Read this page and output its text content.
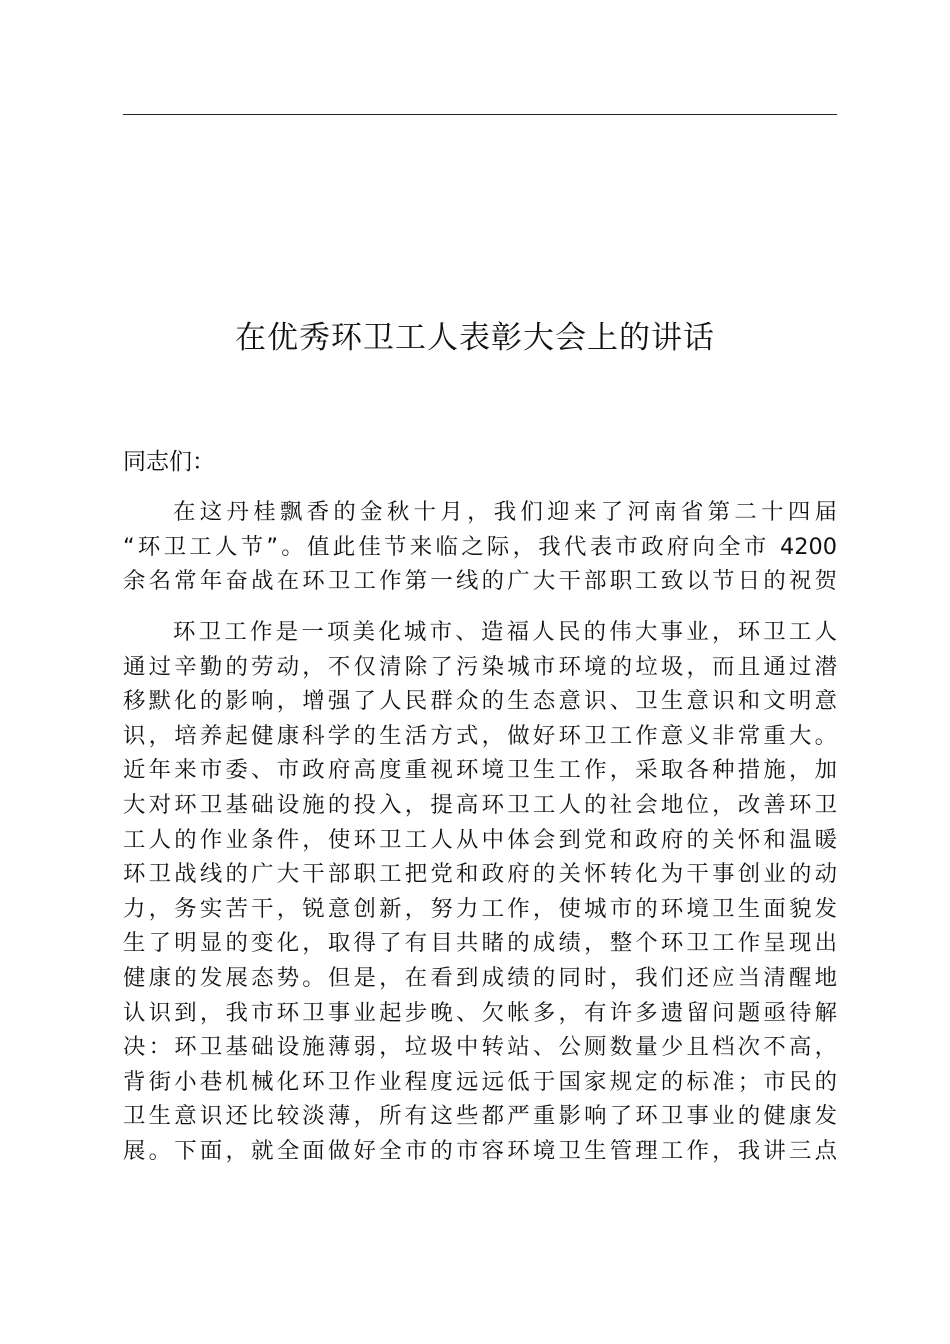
在优秀环卫工人表彰大会上的讲话
同志们：
在这丹桂飘香的金秋十月，我们迎来了河南省第二十四届
“环卫工人节”。值此佳节来临之际，我代表市政府向全市 4200
余名常年奋战在环卫工作第一线的广大干部职工致以节日的祝贺
环卫工作是一项美化城市、造福人民的伟大事业，环卫工人
通过辛勤的劳动，不仅清除了污染城市环境的垃圾，而且通过潜
移默化的影响，增强了人民群众的生态意识、卫生意识和文明意
识，培养起健康科学的生活方式，做好环卫工作意义非常重大。
近年来市委、市政府高度重视环境卫生工作，采取各种措施，加
大对环卫基础设施的投入，提高环卫工人的社会地位，改善环卫
工人的作业条件，使环卫工人从中体会到党和政府的关怀和温暖
环卫战线的广大干部职工把党和政府的关怀转化为干事创业的动
力，务实苦干，锐意创新，努力工作，使城市的环境卫生面貌发
生了明显的变化，取得了有目共睹的成绩，整个环卫工作呈现出
健康的发展态势。但是，在看到成绩的同时，我们还应当清醒地
认识到，我市环卫事业起步晚、欠帐多，有许多遗留问题亟待解
决：环卫基础设施薄弱，垃圾中转站、公厕数量少且档次不高，
背街小巷机械化环卫作业程度远远低于国家规定的标准；市民的
卫生意识还比较淡薄，所有这些都严重影响了环卫事业的健康发
展。下面，就全面做好全市的市容环境卫生管理工作，我讲三点
